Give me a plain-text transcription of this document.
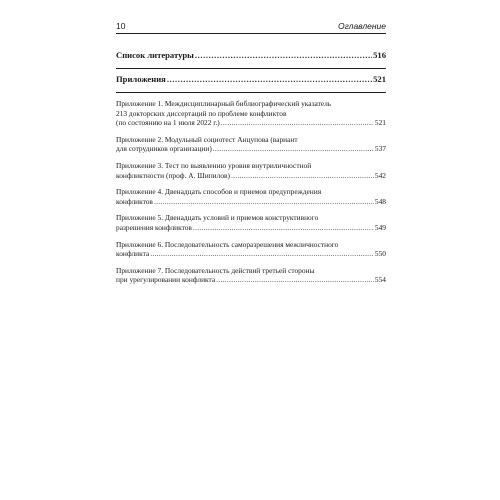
10	Оглавление
Список литературы .....	516
Приложения .....	521
Приложение 1. Междисциплинарный библиографический указатель
213 докторских диссертаций по проблеме конфликтов
(по состоянию на 1 июля 2022 г.) .....	521
Приложение 2. Модульный социотест Анцупова (вариант
для сотрудников организации) .....	537
Приложение 3. Тест по выявлению уровня внутриличностной
конфликтности (проф. А. Шипилов) .....	542
Приложение 4. Двенадцать способов и приемов предупреждения
конфликтов .....	548
Приложение 5. Двенадцать условий и приемов конструктивного
разрешения конфликтов .....	549
Приложение 6. Последовательность саморазрешения межличностного
конфликта .....	550
Приложение 7. Последовательность действий третьей стороны
при урегулировании конфликта .....	554
